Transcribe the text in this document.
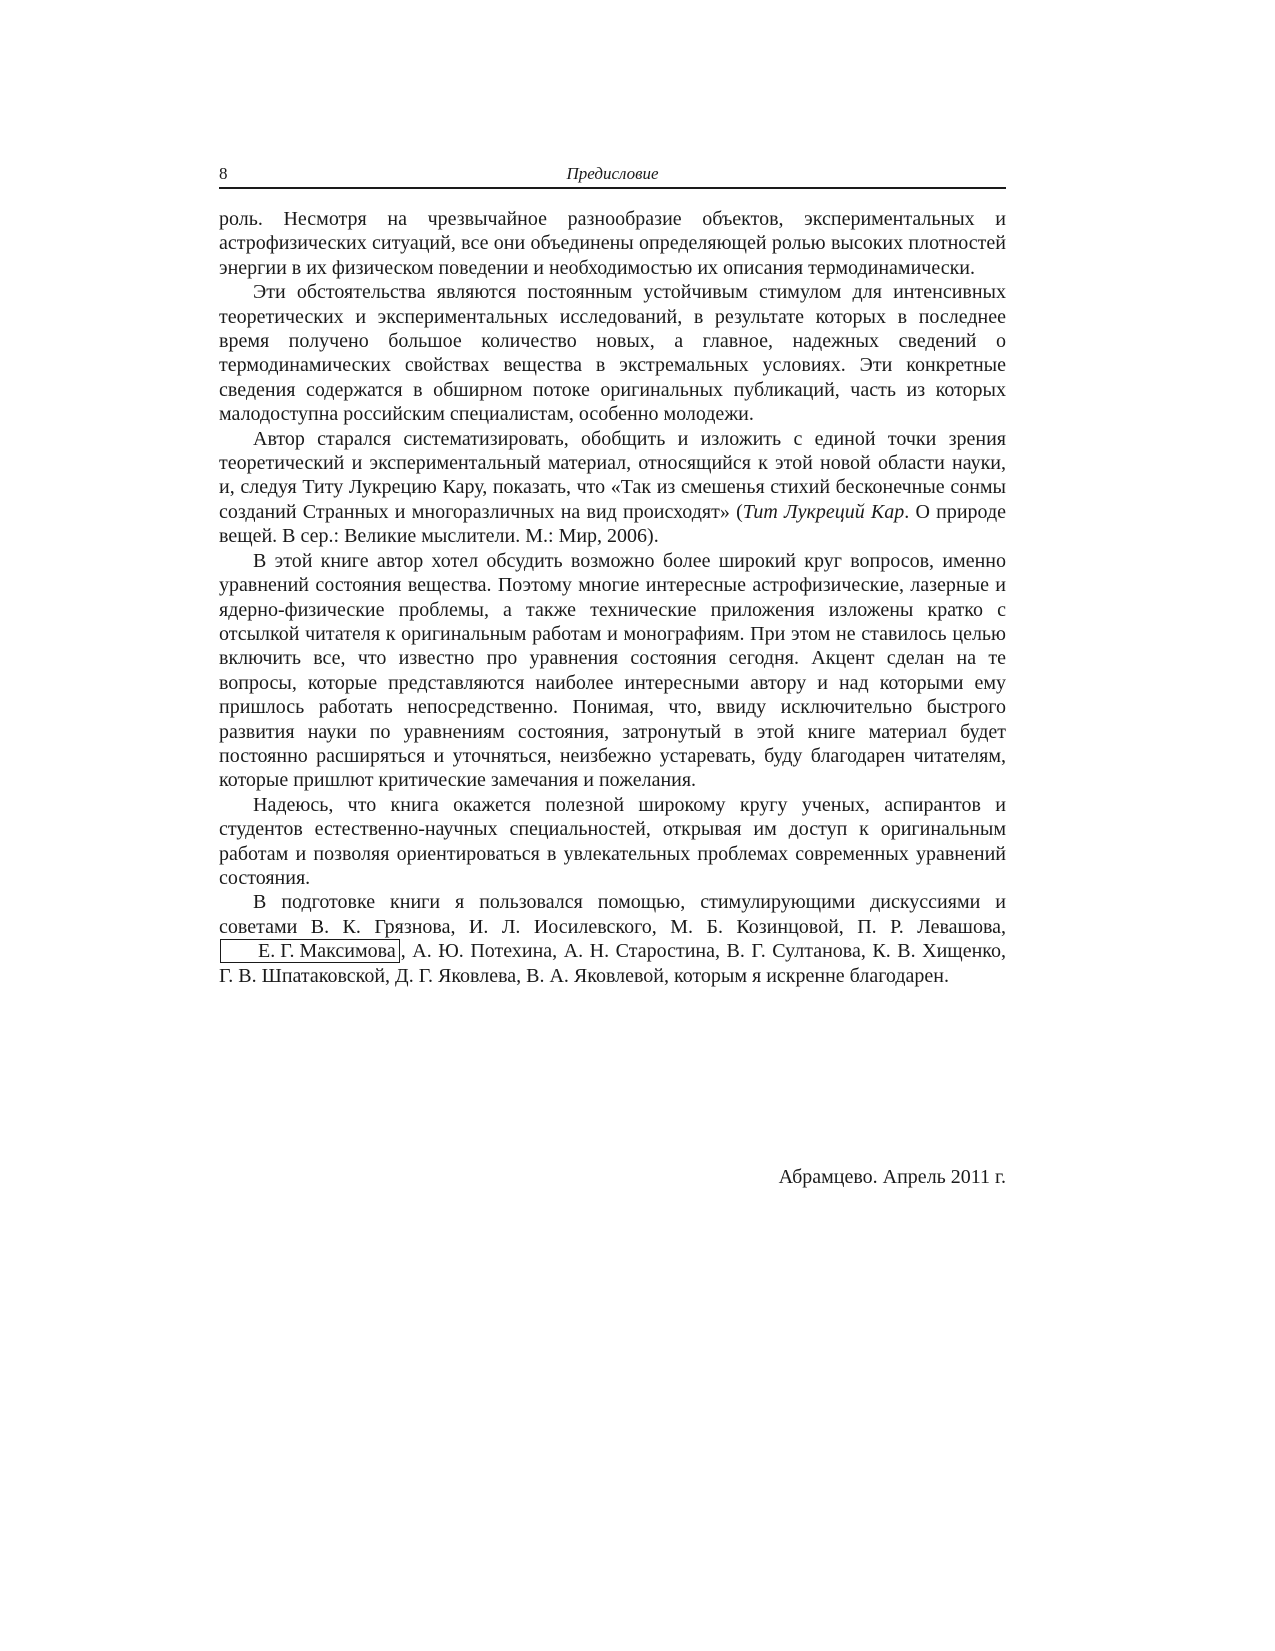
8	Предисловие

роль. Несмотря на чрезвычайное разнообразие объектов, экспериментальных и астрофизических ситуаций, все они объединены определяющей ролью высоких плотностей энергии в их физическом поведении и необходимостью их описания термодинамически.

Эти обстоятельства являются постоянным устойчивым стимулом для интенсивных теоретических и экспериментальных исследований, в результате которых в последнее время получено большое количество новых, а главное, надежных сведений о термодинамических свойствах вещества в экстремальных условиях. Эти конкретные сведения содержатся в обширном потоке оригинальных публикаций, часть из которых малодоступна российским специалистам, особенно молодежи.

Автор старался систематизировать, обобщить и изложить с единой точки зрения теоретический и экспериментальный материал, относящийся к этой новой области науки, и, следуя Титу Лукрецию Кару, показать, что «Так из смешенья стихий бесконечные сонмы созданий Странных и многоразличных на вид происходят» (Тит Лукреций Кар. О природе вещей. В сер.: Великие мыслители. М.: Мир, 2006).

В этой книге автор хотел обсудить возможно более широкий круг вопросов, именно уравнений состояния вещества. Поэтому многие интересные астрофизические, лазерные и ядерно-физические проблемы, а также технические приложения изложены кратко с отсылкой читателя к оригинальным работам и монографиям. При этом не ставилось целью включить все, что известно про уравнения состояния сегодня. Акцент сделан на те вопросы, которые представляются наиболее интересными автору и над которыми ему пришлось работать непосредственно. Понимая, что, ввиду исключительно быстрого развития науки по уравнениям состояния, затронутый в этой книге материал будет постоянно расширяться и уточняться, неизбежно устаревать, буду благодарен читателям, которые пришлют критические замечания и пожелания.

Надеюсь, что книга окажется полезной широкому кругу ученых, аспирантов и студентов естественно-научных специальностей, открывая им доступ к оригинальным работам и позволяя ориентироваться в увлекательных проблемах современных уравнений состояния.

В подготовке книги я пользовался помощью, стимулирующими дискуссиями и советами В. К. Грязнова, И. Л. Иосилевского, М. Б. Козинцовой, П. Р. Левашова, Е. Г. Максимова , А. Ю. Потехина, А. Н. Старостина, В. Г. Султанова, К. В. Хищенко, Г. В. Шпатаковской, Д. Г. Яковлева, В. А. Яковлевой, которым я искренне благодарен.

Абрамцево. Апрель 2011 г.
